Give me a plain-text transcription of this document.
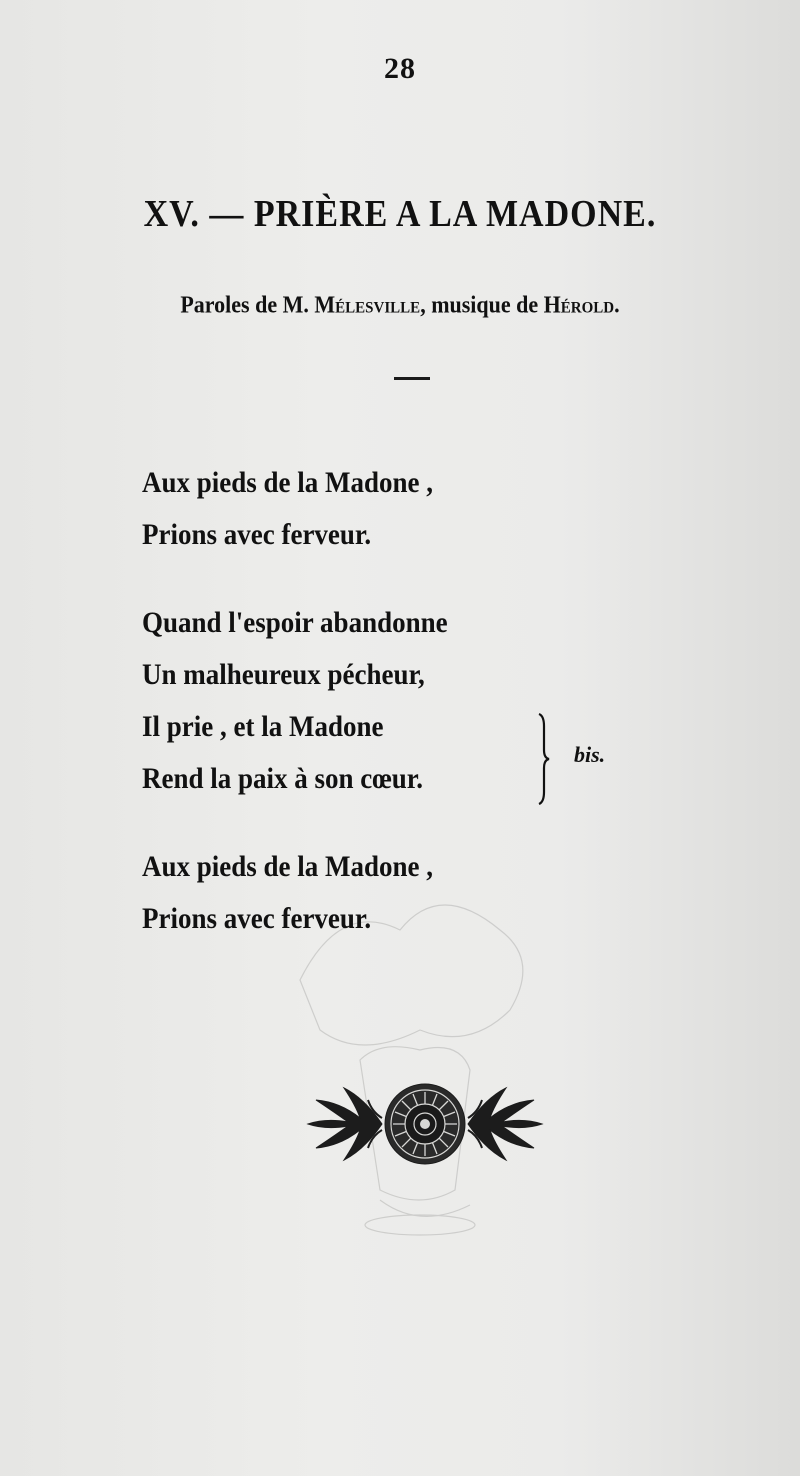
28
XV. — PRIÈRE A LA MADONE.
Paroles de M. Mélesville, musique de Hérold.
Aux pieds de la Madone ,
Prions avec ferveur.
Quand l'espoir abandonne
Un malheureux pécheur,
Il prie , et la Madone
Rend la paix à son cœur.
Aux pieds de la Madone ,
Prions avec ferveur.
bis.
